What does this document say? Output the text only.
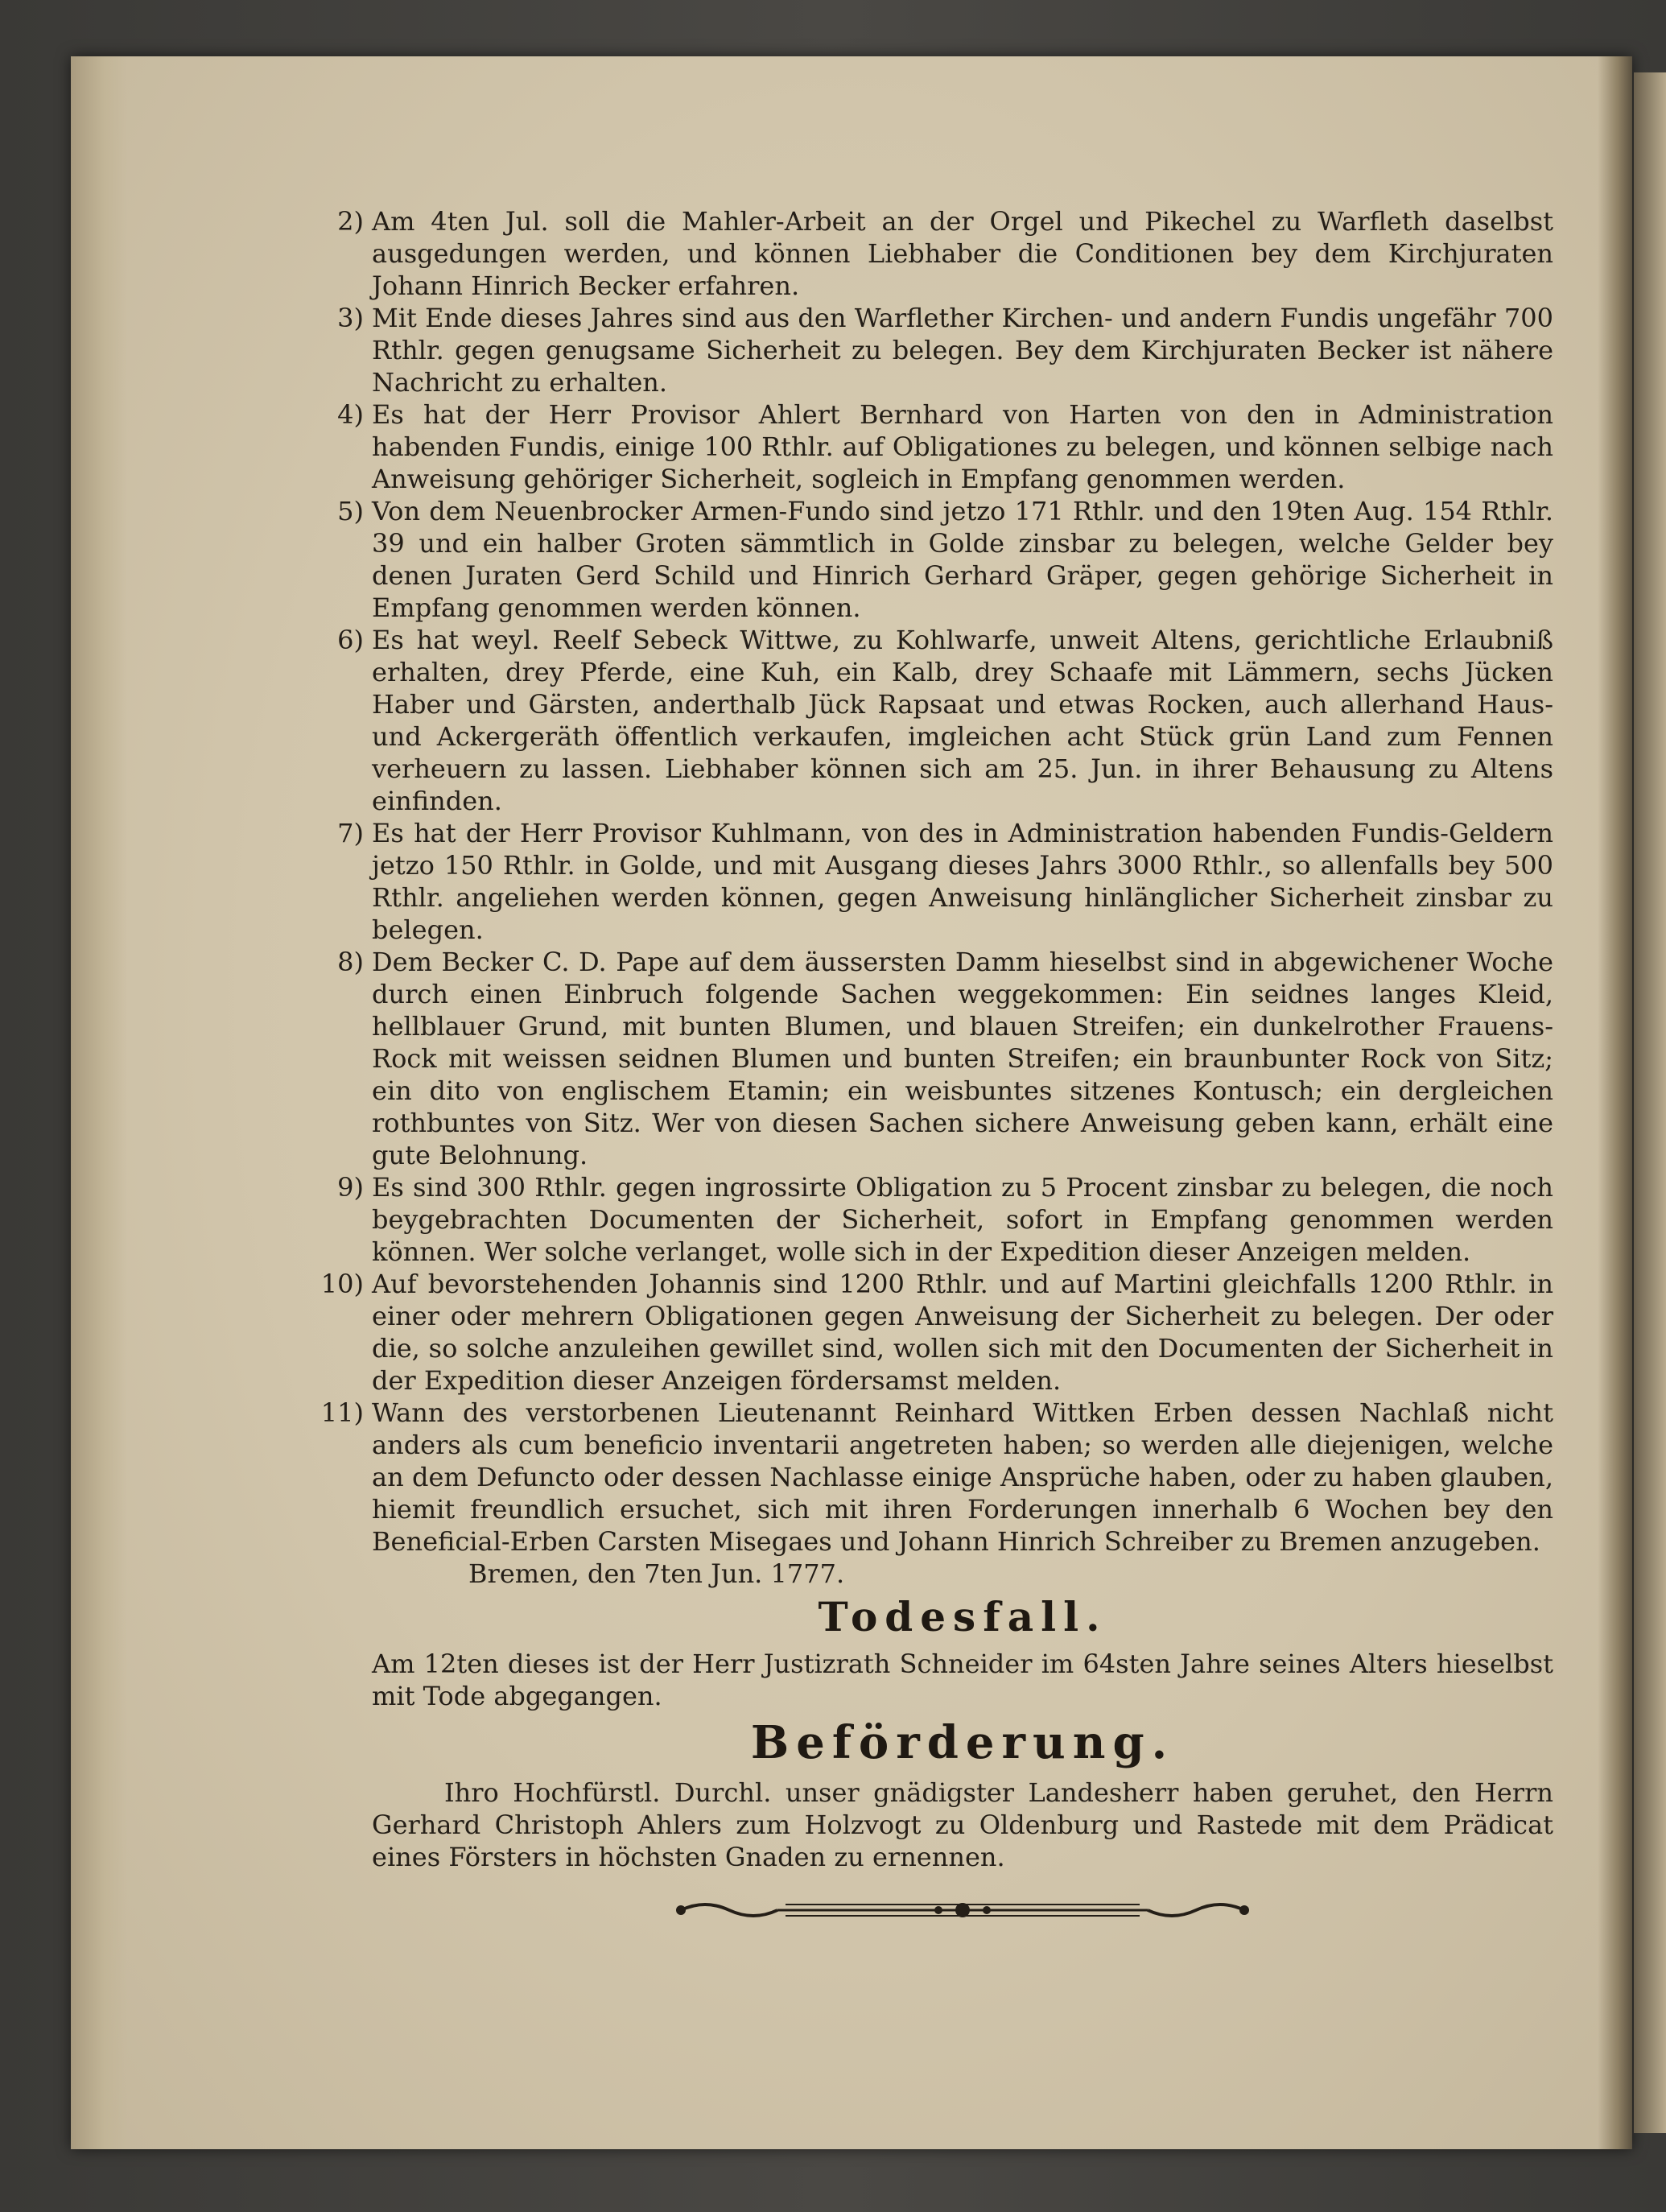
2) Am 4ten Jul. soll die Mahler-Arbeit an der Orgel und Pikechel zu Warfleth daselbst ausgedungen werden, und können Liebhaber die Conditionen bey dem Kirchjuraten Johann Hinrich Becker erfahren.
3) Mit Ende dieses Jahres sind aus den Warflether Kirchen- und andern Fundis ungefähr 700 Rthlr. gegen genugsame Sicherheit zu belegen. Bey dem Kirchjuraten Becker ist nähere Nachricht zu erhalten.
4) Es hat der Herr Provisor Ahlert Bernhard von Harten von den in Administration habenden Fundis, einige 100 Rthlr. auf Obligationes zu belegen, und können selbige nach Anweisung gehöriger Sicherheit, sogleich in Empfang genommen werden.
5) Von dem Neuenbrocker Armen-Fundo sind jetzo 171 Rthlr. und den 19ten Aug. 154 Rthlr. 39 und ein halber Groten sämmtlich in Golde zinsbar zu belegen, welche Gelder bey denen Juraten Gerd Schild und Hinrich Gerhard Gräper, gegen gehörige Sicherheit in Empfang genommen werden können.
6) Es hat weyl. Reelf Sebeck Wittwe, zu Kohlwarfe, unweit Altens, gerichtliche Erlaubniß erhalten, drey Pferde, eine Kuh, ein Kalb, drey Schaafe mit Lämmern, sechs Jücken Haber und Gärsten, anderthalb Jück Rapsaat und etwas Rocken, auch allerhand Haus- und Ackergeräth öffentlich verkaufen, imgleichen acht Stück grün Land zum Fennen verheuern zu lassen. Liebhaber können sich am 25. Jun. in ihrer Behausung zu Altens einfinden.
7) Es hat der Herr Provisor Kuhlmann, von des in Administration habenden Fundis-Geldern jetzo 150 Rthlr. in Golde, und mit Ausgang dieses Jahrs 3000 Rthlr., so allenfalls bey 500 Rthlr. angeliehen werden können, gegen Anweisung hinlänglicher Sicherheit zinsbar zu belegen.
8) Dem Becker C. D. Pape auf dem äussersten Damm hieselbst sind in abgewichener Woche durch einen Einbruch folgende Sachen weggekommen: Ein seidnes langes Kleid, hellblauer Grund, mit bunten Blumen, und blauen Streifen; ein dunkelrother Frauens-Rock mit weissen seidnen Blumen und bunten Streifen; ein braunbunter Rock von Sitz; ein dito von englischem Etamin; ein weisbuntes sitzenes Kontusch; ein dergleichen rothbuntes von Sitz. Wer von diesen Sachen sichere Anweisung geben kann, erhält eine gute Belohnung.
9) Es sind 300 Rthlr. gegen ingrossirte Obligation zu 5 Procent zinsbar zu belegen, die noch beygebrachten Documenten der Sicherheit, sofort in Empfang genommen werden können. Wer solche verlanget, wolle sich in der Expedition dieser Anzeigen melden.
10) Auf bevorstehenden Johannis sind 1200 Rthlr. und auf Martini gleichfalls 1200 Rthlr. in einer oder mehrern Obligationen gegen Anweisung der Sicherheit zu belegen. Der oder die, so solche anzuleihen gewillet sind, wollen sich mit den Documenten der Sicherheit in der Expedition dieser Anzeigen fördersamst melden.
11) Wann des verstorbenen Lieutenannt Reinhard Wittken Erben dessen Nachlaß nicht anders als cum beneficio inventarii angetreten haben; so werden alle diejenigen, welche an dem Defuncto oder dessen Nachlasse einige Ansprüche haben, oder zu haben glauben, hiemit freundlich ersuchet, sich mit ihren Forderungen innerhalb 6 Wochen bey den Beneficial-Erben Carsten Misegaes und Johann Hinrich Schreiber zu Bremen anzugeben.

Bremen, den 7ten Jun. 1777.

Todesfall.

Am 12ten dieses ist der Herr Justizrath Schneider im 64sten Jahre seines Alters hieselbst mit Tode abgegangen.

Beförderung.

Ihro Hochfürstl. Durchl. unser gnädigster Landesherr haben geruhet, den Herrn Gerhard Christoph Ahlers zum Holzvogt zu Oldenburg und Rastede mit dem Prädicat eines Försters in höchsten Gnaden zu ernennen.
